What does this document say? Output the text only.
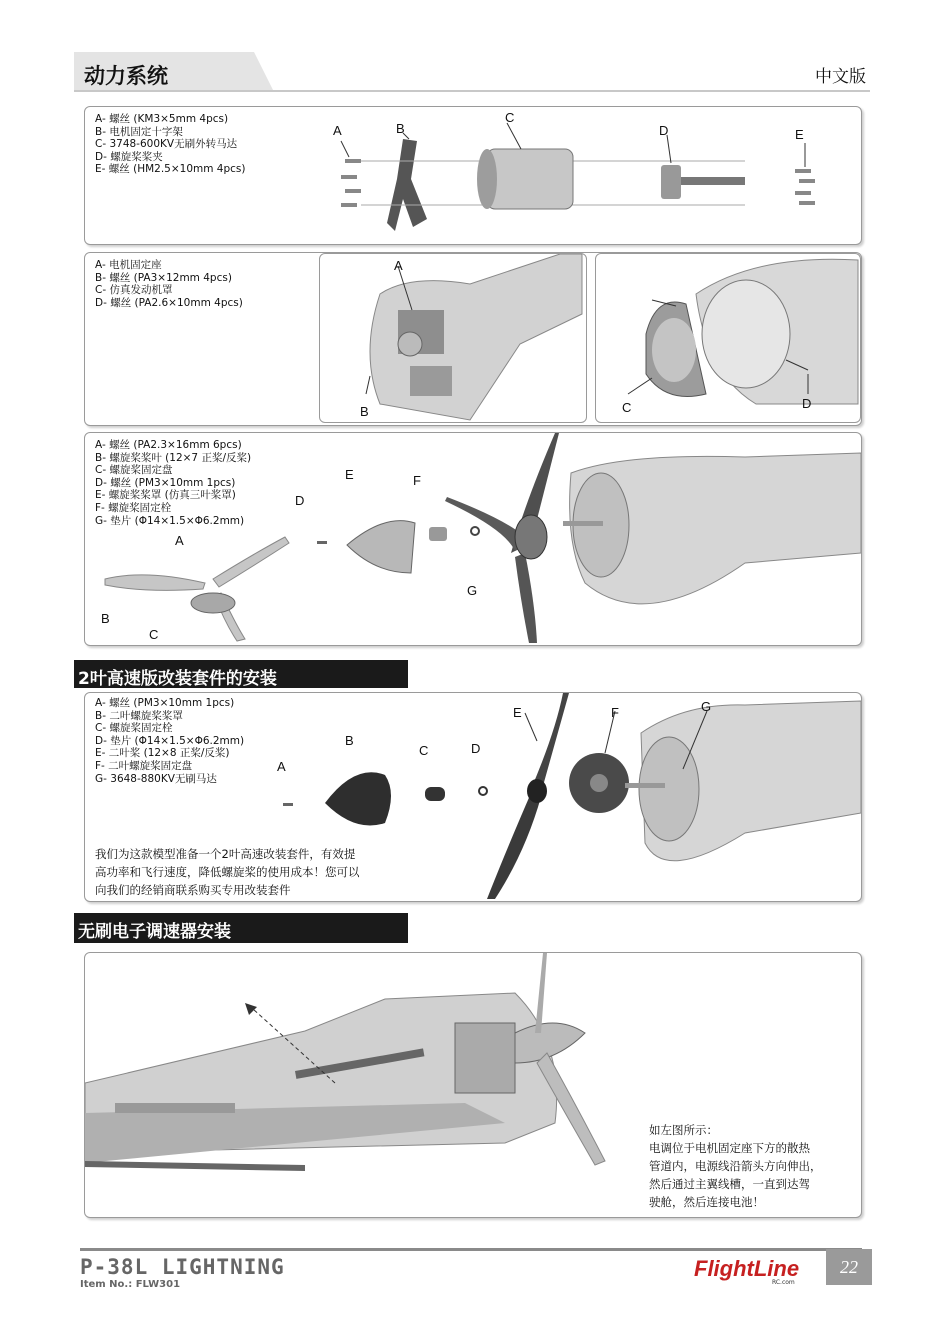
动力系统	中文版
A- 螺丝 (KM3×5mm 4pcs)
B- 电机固定十字架
C- 3748-600KV无刷外转马达
D- 螺旋桨桨夹
E- 螺丝 (HM2.5×10mm 4pcs)
A	B
C
D	E
A- 电机固定座
B- 螺丝 (PA3×12mm 4pcs)
C- 仿真发动机罩
D- 螺丝 (PA2.6×10mm 4pcs)
A
B	C	D
A- 螺丝 (PA2.3×16mm 6pcs)
B- 螺旋桨桨叶 (12×7 正桨/反桨)
C- 螺旋桨固定盘
D- 螺丝 (PM3×10mm 1pcs)
E- 螺旋桨桨罩 (仿真三叶桨罩)
F- 螺旋桨固定栓
G- 垫片 (Φ14×1.5×Φ6.2mm)
A
B
C
D
E	F
G
2叶高速版改装套件的安装
A- 螺丝 (PM3×10mm 1pcs)
B- 二叶螺旋桨桨罩
C- 螺旋桨固定栓
D- 垫片 (Φ14×1.5×Φ6.2mm)
E- 二叶桨 (12×8 正桨/反桨)
F- 二叶螺旋桨固定盘
G- 3648-880KV无刷马达
A
B
C	D
E	F	G
我们为这款模型准备一个2叶高速改装套件，有效提
高功率和飞行速度，降低螺旋桨的使用成本！您可以
向我们的经销商联系购买专用改装套件
无刷电子调速器安装
如左图所示：
电调位于电机固定座下方的散热
管道内，电源线沿箭头方向伸出，
然后通过主翼线槽，一直到达驾
驶舱，然后连接电池！
P-38L LIGHTNING
Item No.: FLW301
FlightLine
RC.com
22
